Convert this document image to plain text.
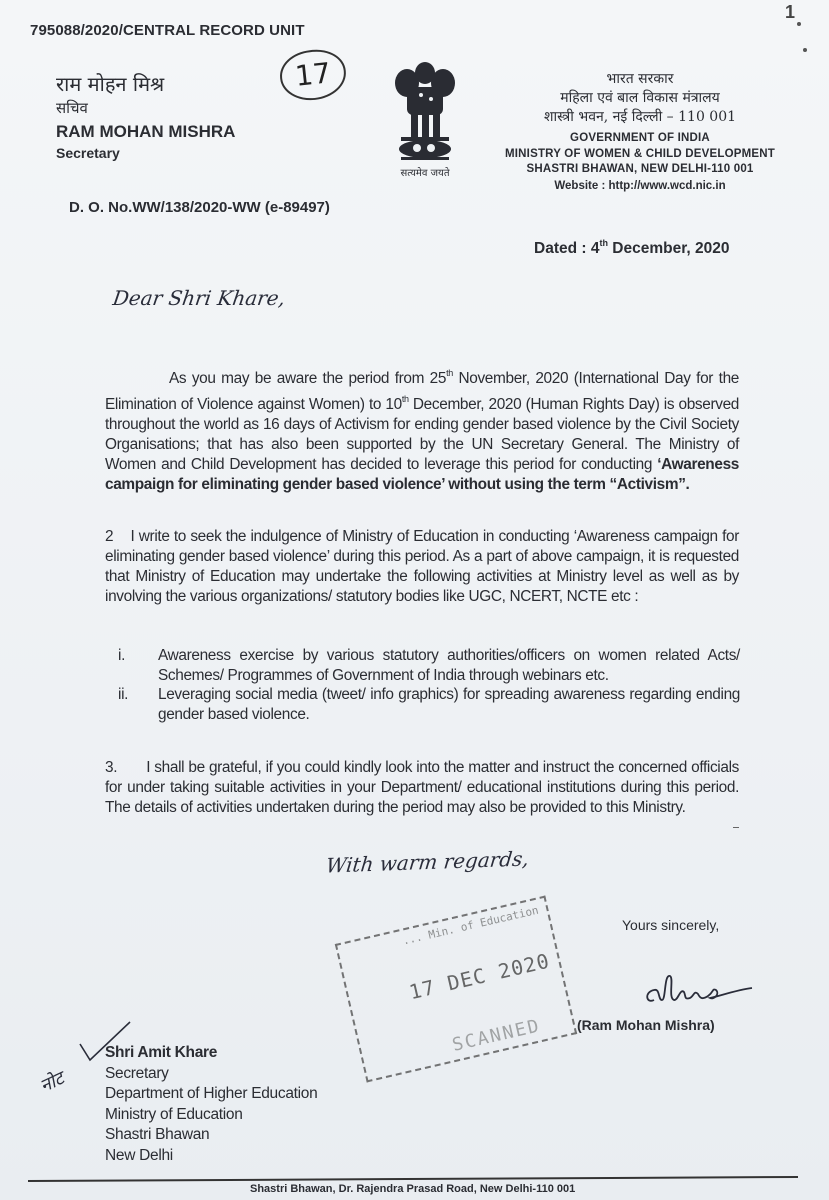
795088/2020/CENTRAL RECORD UNIT
1
राम मोहन मिश्र
सचिव
RAM MOHAN MISHRA
Secretary
17
सत्यमेव जयते
भारत सरकार
महिला एवं बाल विकास मंत्रालय
शास्त्री भवन, नई दिल्ली – 110 001
GOVERNMENT OF INDIA
MINISTRY OF WOMEN & CHILD DEVELOPMENT
SHASTRI BHAWAN, NEW DELHI-110 001
Website : http://www.wcd.nic.in
D. O. No.WW/138/2020-WW (e-89497)
Dated : 4th December, 2020
Dear Shri Khare,
As you may be aware the period from 25th November, 2020 (International Day for the Elimination of Violence against Women) to 10th December, 2020 (Human Rights Day) is observed throughout the world as 16 days of Activism for ending gender based violence by the Civil Society Organisations; that has also been supported by the UN Secretary General. The Ministry of Women and Child Development has decided to leverage this period for conducting ‘Awareness campaign for eliminating gender based violence’ without using the term “Activism”.
2    I write to seek the indulgence of Ministry of Education in conducting ‘Awareness campaign for eliminating gender based violence’ during this period. As a part of above campaign, it is requested that Ministry of Education may undertake the following activities at Ministry level as well as by involving the various organizations/ statutory bodies like UGC, NCERT, NCTE etc :
i.	Awareness exercise by various statutory authorities/officers on women related Acts/ Schemes/ Programmes of Government of India through webinars etc.
ii.	Leveraging social media (tweet/ info graphics) for spreading awareness regarding ending gender based violence.
3.       I shall be grateful, if you could kindly look into the matter and instruct the concerned officials for under taking suitable activities in your Department/ educational institutions during this period. The details of activities undertaken during the period may also be provided to this Ministry.
With warm regards,
... Min. of Education
17 DEC 2020
SCANNED
Yours sincerely,
(Ram Mohan Mishra)
नोट
Shri Amit Khare
Secretary
Department of Higher Education
Ministry of Education
Shastri Bhawan
New Delhi
Shastri Bhawan, Dr. Rajendra Prasad Road, New Delhi-110 001
